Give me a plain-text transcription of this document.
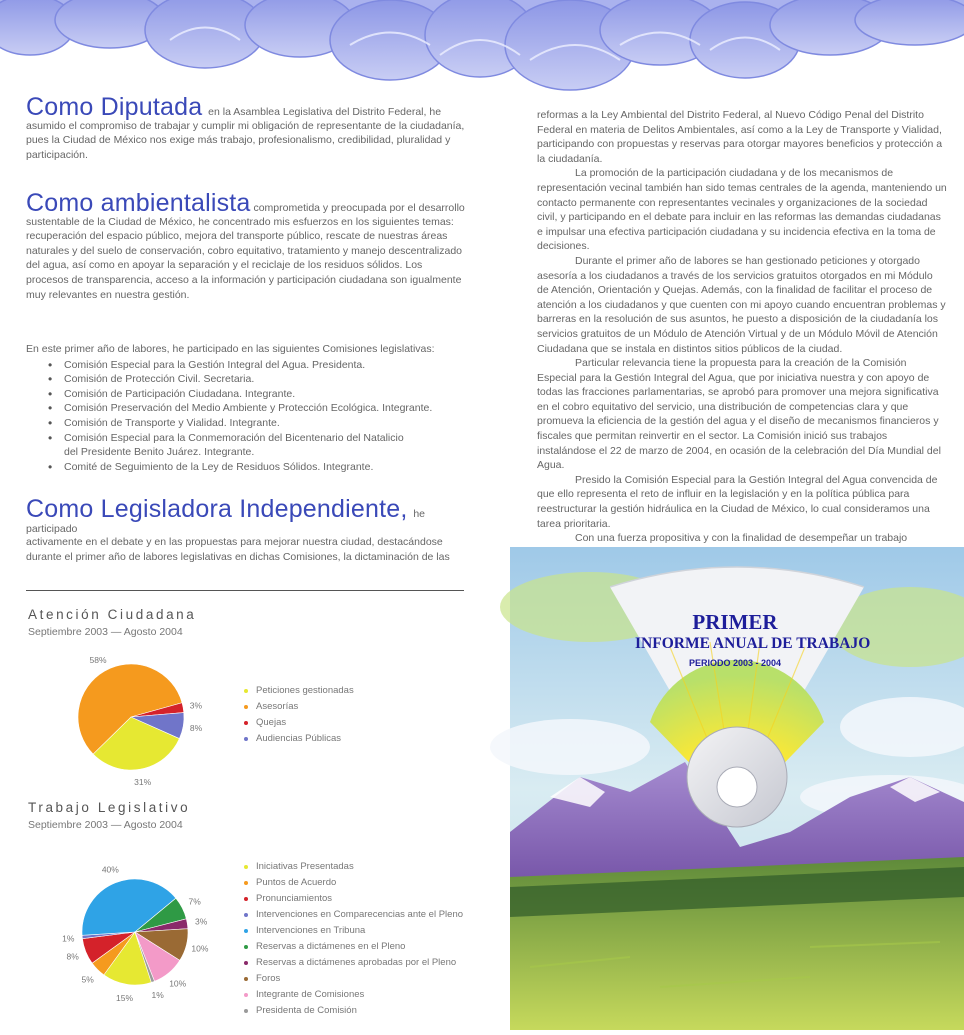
Como Diputada en la Asamblea Legislativa del Distrito Federal, he

asumido el compromiso de trabajar y cumplir mi obligación de representante de la ciudadanía, pues la Ciudad de México nos exige más trabajo, profesionalismo, credibilidad, pluralidad y participación.

Como ambientalista comprometida y preocupada por el desarrollo

sustentable de la Ciudad de México, he concentrado mis esfuerzos en los siguientes temas: recuperación del espacio público, mejora del transporte público, rescate de nuestras áreas naturales y del suelo de conservación, cobro equitativo, tratamiento y manejo descentralizado del agua, así como en apoyar la separación y el reciclaje de los residuos sólidos. Los procesos de transparencia, acceso a la información y participación ciudadana son igualmente muy relevantes en nuestra gestión.

En este primer año de labores, he participado en las siguientes Comisiones legislativas:

• Comisión Especial para la Gestión Integral del Agua. Presidenta.
• Comisión de Protección Civil. Secretaria.
• Comisión de Participación Ciudadana. Integrante.
• Comisión Preservación del Medio Ambiente y Protección Ecológica. Integrante.
• Comisión de Transporte y Vialidad. Integrante.
• Comisión Especial para la Conmemoración del Bicentenario del Natalicio del Presidente Benito Juárez. Integrante.
• Comité de Seguimiento de la Ley de Residuos Sólidos. Integrante.

Como Legisladora Independiente, he participado

activamente en el debate y en las propuestas para mejorar nuestra ciudad, destacándose durante el primer año de labores legislativas en dichas Comisiones, la dictaminación de las

Atención Ciudadana
Septiembre 2003 — Agosto 2004
31%
58%
3%
8%
Peticiones gestionadas
Asesorías
Quejas
Audiencias Públicas
Trabajo Legislativo
Septiembre 2003 — Agosto 2004
15%
5%
8%
1%
40%
7%
3%
10%
10%
1%
Iniciativas Presentadas
Puntos de Acuerdo
Pronunciamientos
Intervenciones en Comparecencias ante el Pleno
Intervenciones en Tribuna
Reservas a dictámenes en el Pleno
Reservas a dictámenes aprobadas por el Pleno
Foros
Integrante de Comisiones
Presidenta de Comisión

reformas a la Ley Ambiental del Distrito Federal, al Nuevo Código Penal del Distrito Federal en materia de Delitos Ambientales, así como a la Ley de Transporte y Vialidad, participando con propuestas y reservas para otorgar mayores beneficios y protección a la ciudadanía.

La promoción de la participación ciudadana y de los mecanismos de representación vecinal también han sido temas centrales de la agenda, manteniendo un contacto permanente con representantes vecinales y organizaciones de la sociedad civil, y participando en el debate para incluir en las reformas las demandas ciudadanas e impulsar una efectiva participación ciudadana y su incidencia efectiva en la toma de decisiones.

Durante el primer año de labores se han gestionado peticiones y otorgado asesoría a los ciudadanos a través de los servicios gratuitos otorgados en mi Módulo de Atención, Orientación y Quejas. Además, con la finalidad de facilitar el proceso de atención a los ciudadanos y que cuenten con mi apoyo cuando encuentran problemas y barreras en la resolución de sus asuntos, he puesto a disposición de la ciudadanía los servicios gratuitos de un Módulo de Atención Virtual y de un Módulo Móvil de Atención Ciudadana que se instala en distintos sitios públicos de la ciudad.

Particular relevancia tiene la propuesta para la creación de la Comisión Especial para la Gestión Integral del Agua, que por iniciativa nuestra y con apoyo de todas las fracciones parlamentarias, se aprobó para promover una mejora significativa en el cobro equitativo del servicio, una distribución de competencias clara y que promueva la eficiencia de la gestión del agua y el diseño de mecanismos financieros y fiscales que permitan reinvertir en el sector. La Comisión inició sus trabajos instalándose el 22 de marzo de 2004, en ocasión de la celebración del Día Mundial del Agua.

Presido la Comisión Especial para la Gestión Integral del Agua convencida de que ello representa el reto de influir en la legislación y en la política pública para reestructurar la gestión hidráulica en la Ciudad de México, lo cual consideramos una tarea prioritaria.

Con una fuerza propositiva y con la finalidad de desempeñar un trabajo

PRIMER
INFORME ANUAL DE TRABAJO
PERIODO 2003 - 2004
